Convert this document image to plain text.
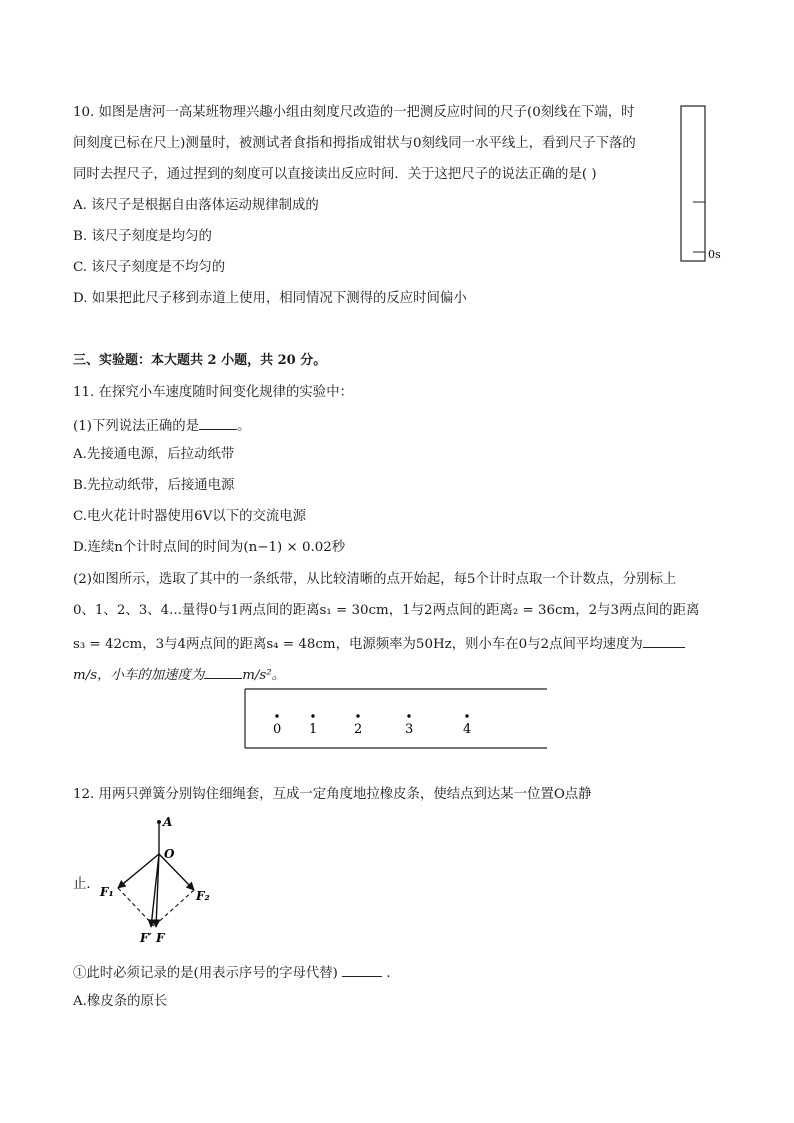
10. 如图是唐河一高某班物理兴趣小组由刻度尺改造的一把测反应时间的尺子(0刻线在下端，时
间刻度已标在尺上)测量时，被测试者食指和拇指成钳状与0刻线同一水平线上，看到尺子下落的
同时去捏尺子，通过捏到的刻度可以直接读出反应时间．关于这把尺子的说法正确的是( )
A. 该尺子是根据自由落体运动规律制成的
B. 该尺子刻度是均匀的
C. 该尺子刻度是不均匀的
D. 如果把此尺子移到赤道上使用，相同情况下测得的反应时间偏小
0s
三、实验题：本大题共 2 小题，共 20 分。
11. 在探究小车速度随时间变化规律的实验中：
(1)下列说法正确的是	。
A.先接通电源，后拉动纸带
B.先拉动纸带，后接通电源
C.电火花计时器使用6V以下的交流电源
D.连续n个计时点间的时间为(n−1) × 0.02秒
(2)如图所示，选取了其中的一条纸带，从比较清晰的点开始起，每5个计时点取一个计数点，分别标上
0、1、2、3、4...量得0与1两点间的距离s₁ = 30cm，1与2两点间的距离₂ = 36cm，2与3两点间的距离
s₃ = 42cm，3与4两点间的距离s₄ = 48cm，电源频率为50Hz，则小车在0与2点间平均速度为
m/s，小车的加速度为	m/s²。
0 1	2	3	4
12. 用两只弹簧分别钩住细绳套，互成一定角度地拉橡皮条，使结点到达某一位置O点静
A
O
F₁	F₂
F′ F
止．
①此时必须记录的是(用表示序号的字母代替)	．
A.橡皮条的原长
